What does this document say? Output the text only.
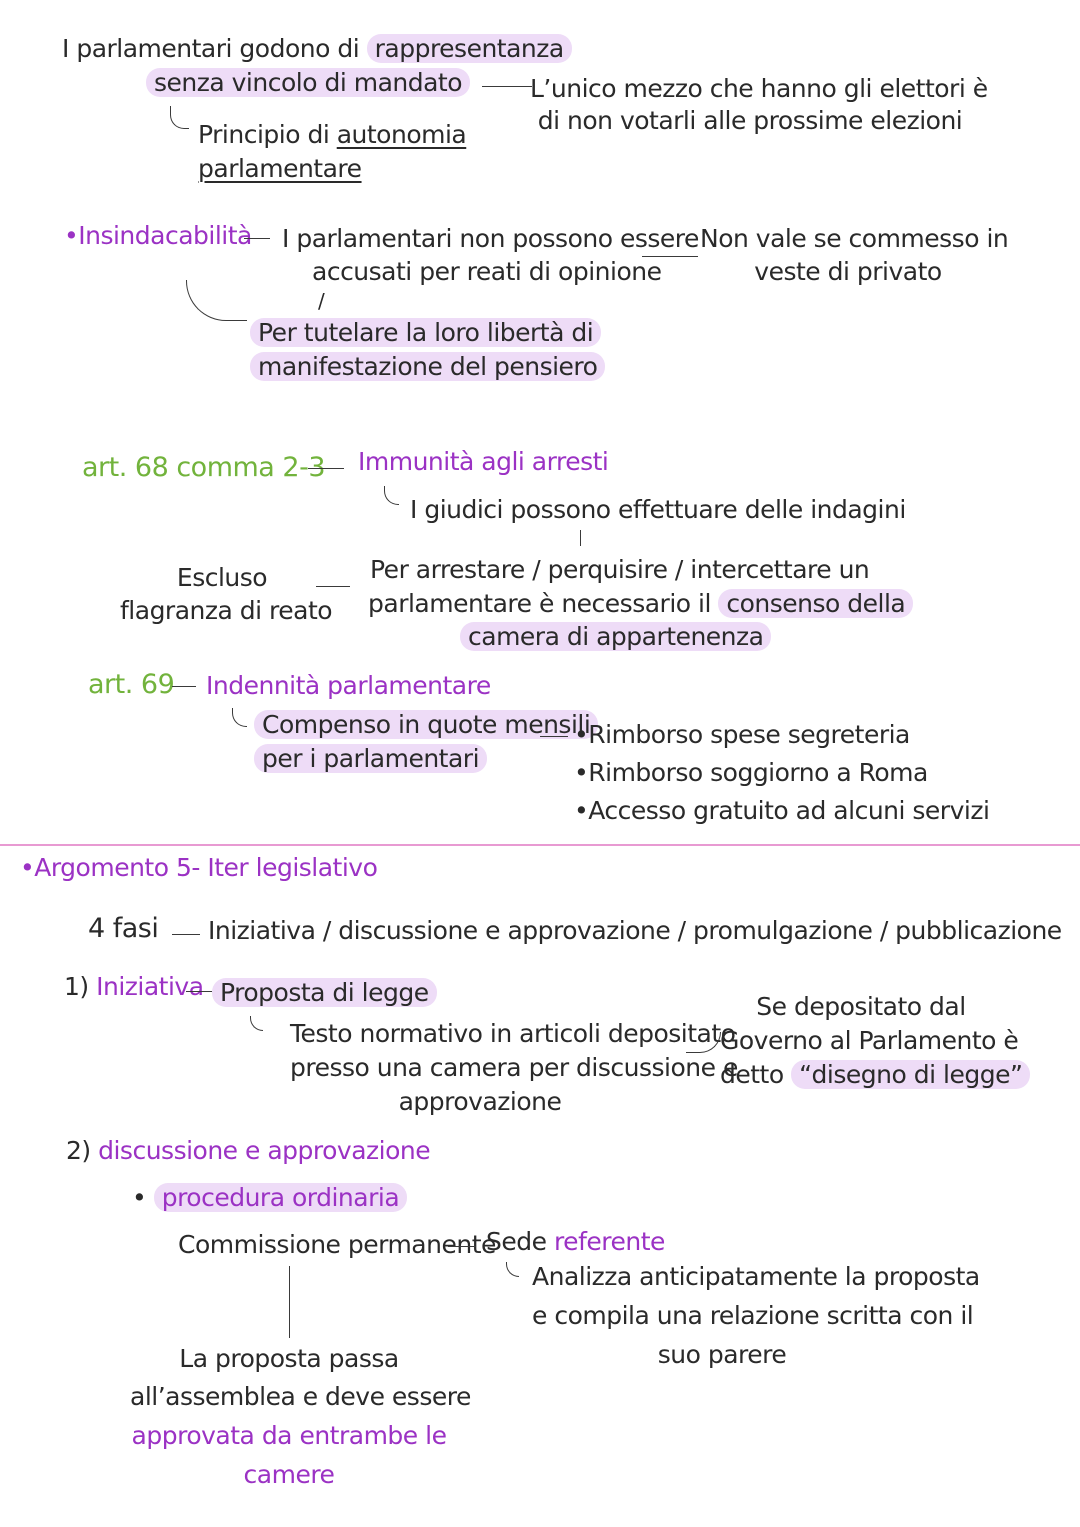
I parlamentari godono di rappresentanza
senza vincolo di mandato
Principio di autonomia
parlamentare
L’unico mezzo che hanno gli elettori è
di non votarli alle prossime elezioni
•Insindacabilità I parlamentari non possono essere
accusati per reati di opinione
Non vale se commesso in
veste di privato
/
Per tutelare la loro libertà di
manifestazione del pensiero
art. 68 comma 2-3 Immunità agli arresti
I giudici possono effettuare delle indagini
Escluso
flagranza di reato
Per arrestare / perquisire / intercettare un
parlamentare è necessario il consenso della
camera di appartenenza
art. 69 Indennità parlamentare
Compenso in quote mensili
per i parlamentari
•Rimborso spese segreteria
•Rimborso soggiorno a Roma
•Accesso gratuito ad alcuni servizi
•Argomento 5- Iter legislativo
4 fasi Iniziativa / discussione e approvazione / promulgazione / pubblicazione
1) Iniziativa Proposta di legge
Testo normativo in articoli depositato
presso una camera per discussione e
approvazione
Se depositato dal
Governo al Parlamento è
detto “disegno di legge”
2) discussione e approvazione
• procedura ordinaria
Commissione permanente
Sede referente
Analizza anticipatamente la proposta
e compila una relazione scritta con il
suo parere
La proposta passa
all’assemblea e deve essere
approvata da entrambe le
camere
